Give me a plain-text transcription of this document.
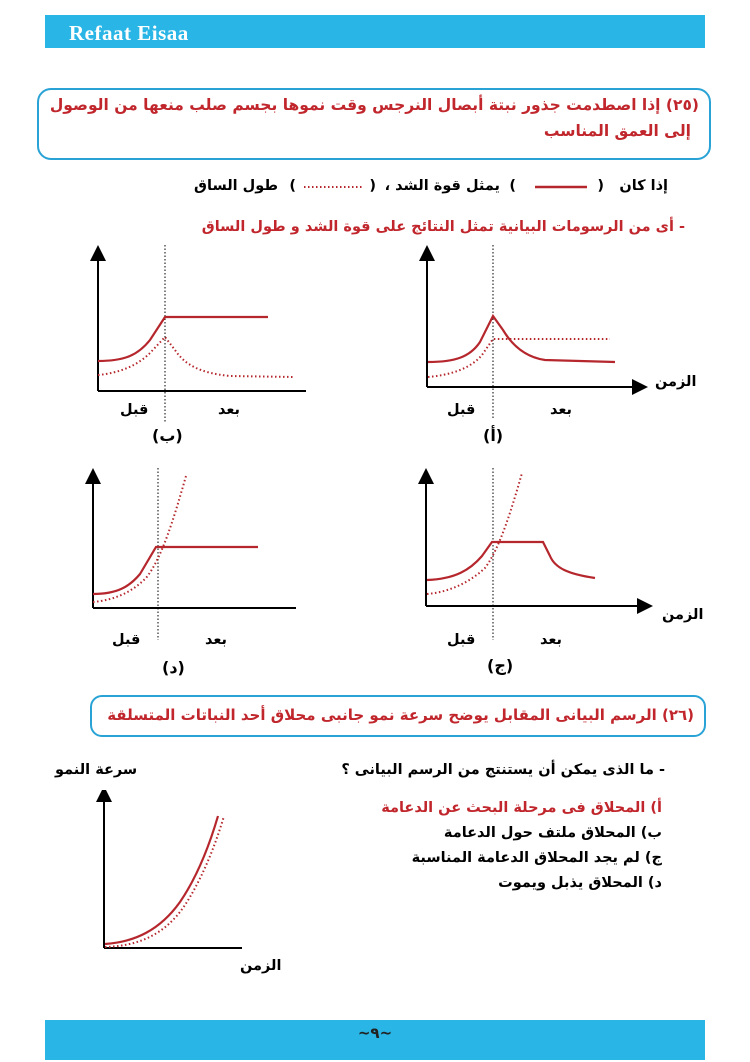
Refaat Eisaa
(٢٥) إذا اصطدمت جذور نبتة أبصال النرجس وقت نموها بجسم صلب منعها من الوصول
إلى العمق المناسب
إذا كان
(
)
يمثل قوة الشد ،
(
)
طول الساق
- أى من الرسومات البيانية تمثل النتائج على قوة الشد و طول الساق
الزمن
قبل	بعد
(أ)
قبل	بعد
(ب)
الزمن
قبل	بعد
(ج)
قبل	بعد
(د)
(٢٦) الرسم البيانى المقابل يوضح سرعة نمو جانبى محلاق أحد النباتات المتسلقة
- ما الذى يمكن أن يستنتج من الرسم البيانى ؟
أ) المحلاق فى مرحلة البحث عن الدعامة
ب) المحلاق ملتف حول الدعامة
ج) لم يجد المحلاق الدعامة المناسبة
د) المحلاق يذبل ويموت
سرعة النمو
الزمن
~٩~
